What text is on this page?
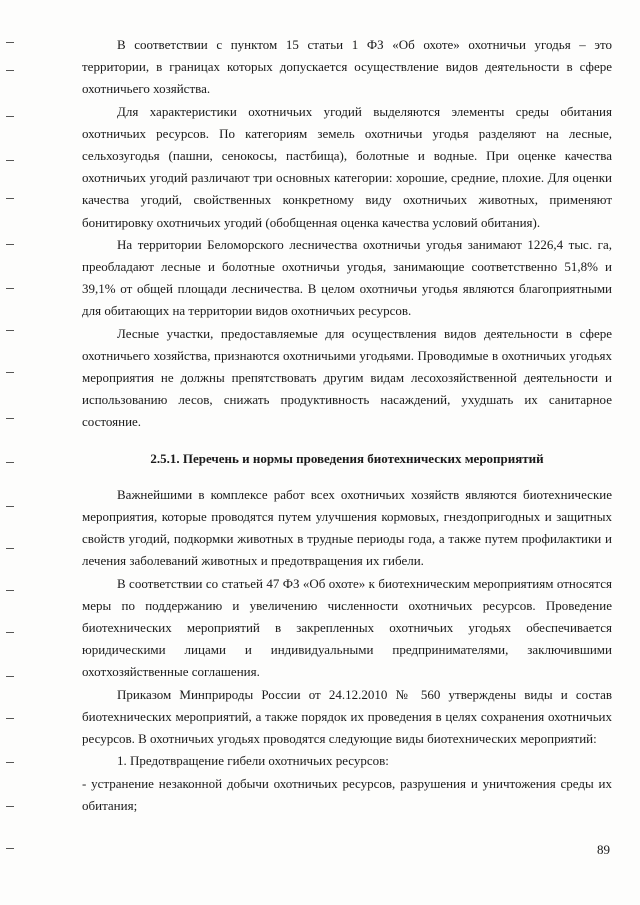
В соответствии с пунктом 15 статьи 1 ФЗ «Об охоте» охотничьи угодья – это территории, в границах которых допускается осуществление видов деятельности в сфере охотничьего хозяйства.

Для характеристики охотничьих угодий выделяются элементы среды обитания охотничьих ресурсов. По категориям земель охотничьи угодья разделяют на лесные, сельхозугодья (пашни, сенокосы, пастбища), болотные и водные. При оценке качества охотничьих угодий различают три основных категории: хорошие, средние, плохие. Для оценки качества угодий, свойственных конкретному виду охотничьих животных, применяют бонитировку охотничьих угодий (обобщенная оценка качества условий обитания).

На территории Беломорского лесничества охотничьи угодья занимают 1226,4 тыс. га, преобладают лесные и болотные охотничьи угодья, занимающие соответственно 51,8% и 39,1% от общей площади лесничества. В целом охотничьи угодья являются благоприятными для обитающих на территории видов охотничьих ресурсов.

Лесные участки, предоставляемые для осуществления видов деятельности в сфере охотничьего хозяйства, признаются охотничьими угодьями. Проводимые в охотничьих угодьях мероприятия не должны препятствовать другим видам лесохозяйственной деятельности и использованию лесов, снижать продуктивность насаждений, ухудшать их санитарное состояние.

2.5.1. Перечень и нормы проведения биотехнических мероприятий

Важнейшими в комплексе работ всех охотничьих хозяйств являются биотехнические мероприятия, которые проводятся путем улучшения кормовых, гнездопригодных и защитных свойств угодий, подкормки животных в трудные периоды года, а также путем профилактики и лечения заболеваний животных и предотвращения их гибели.

В соответствии со статьей 47 ФЗ «Об охоте» к биотехническим мероприятиям относятся меры по поддержанию и увеличению численности охотничьих ресурсов. Проведение биотехнических мероприятий в закрепленных охотничьих угодьях обеспечивается юридическими лицами и индивидуальными предпринимателями, заключившими охотхозяйственные соглашения.

Приказом Минприроды России от 24.12.2010 № 560 утверждены виды и состав биотехнических мероприятий, а также порядок их проведения в целях сохранения охотничьих ресурсов. В охотничьих угодьях проводятся следующие виды биотехнических мероприятий:

1. Предотвращение гибели охотничьих ресурсов:

- устранение незаконной добычи охотничьих ресурсов, разрушения и уничтожения среды их обитания;

89
